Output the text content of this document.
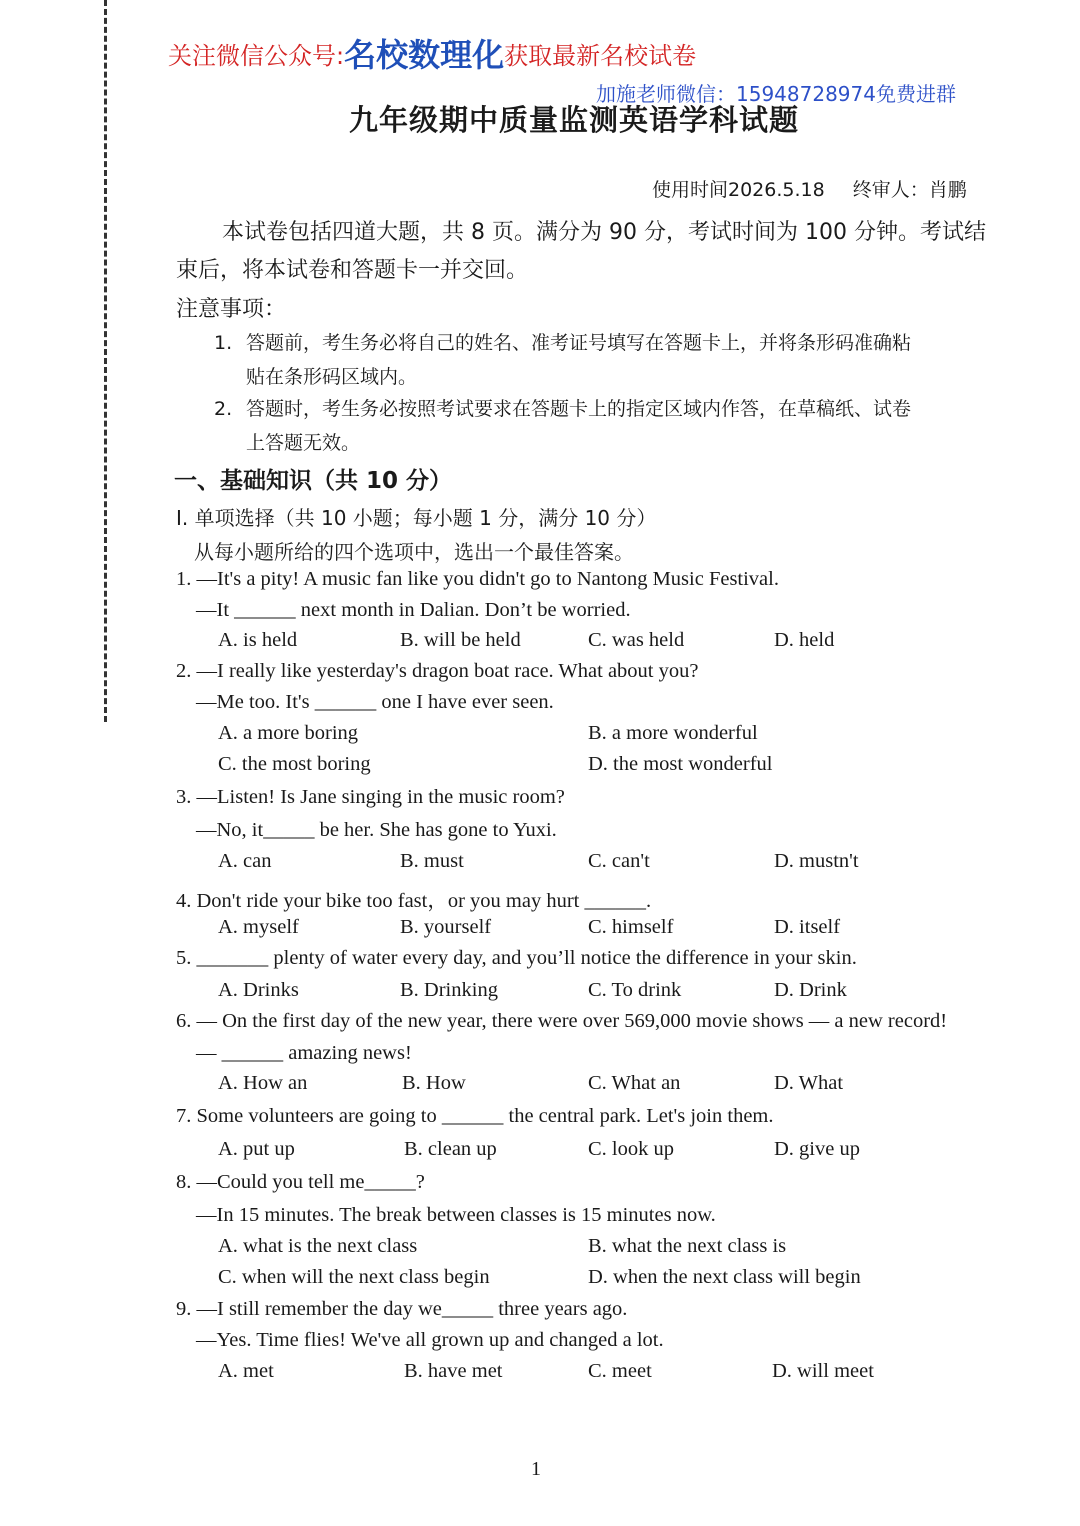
关注微信公众号:名校数理化获取最新名校试卷
加施老师微信：15948728974免费进群
九年级期中质量监测英语学科试题
使用时间2026.5.18 终审人：肖鹏
本试卷包括四道大题，共 8 页。满分为 90 分，考试时间为 100 分钟。考试结束后，将本试卷和答题卡一并交回。
注意事项：
1. 答题前，考生务必将自己的姓名、准考证号填写在答题卡上，并将条形码准确粘
贴在条形码区域内。
2. 答题时，考生务必按照考试要求在答题卡上的指定区域内作答，在草稿纸、试卷
上答题无效。
一、基础知识（共 10 分）
I. 单项选择（共 10 小题；每小题 1 分，满分 10 分）
从每小题所给的四个选项中，选出一个最佳答案。
1. —It's a pity! A music fan like you didn't go to Nantong Music Festival.
—It ______ next month in Dalian. Don’t be worried.
A. is held	B. will be held	C. was held	D. held
2. —I really like yesterday's dragon boat race. What about you?
—Me too. It's ______ one I have ever seen.
A. a more boring	B. a more wonderful
C. the most boring	D. the most wonderful
3. —Listen! Is Jane singing in the music room?
—No, it_____ be her. She has gone to Yuxi.
A. can	B. must	C. can't	D. mustn't
4. Don't ride your bike too fast，or you may hurt ______.
A. myself	B. yourself	C. himself	D. itself
5. _______ plenty of water every day, and you’ll notice the difference in your skin.
A. Drinks	B. Drinking	C. To drink	D. Drink
6. — On the first day of the new year, there were over 569,000 movie shows — a new record!
— ______ amazing news!
A. How an	B. How	C. What an	D. What
7. Some volunteers are going to ______ the central park. Let's join them.
A. put up	B. clean up	C. look up	D. give up
8. —Could you tell me_____?
—In 15 minutes. The break between classes is 15 minutes now.
A. what is the next class	B. what the next class is
C. when will the next class begin	D. when the next class will begin
9. —I still remember the day we_____ three years ago.
—Yes. Time flies! We've all grown up and changed a lot.
A. met	B. have met	C. meet	D. will meet
1
